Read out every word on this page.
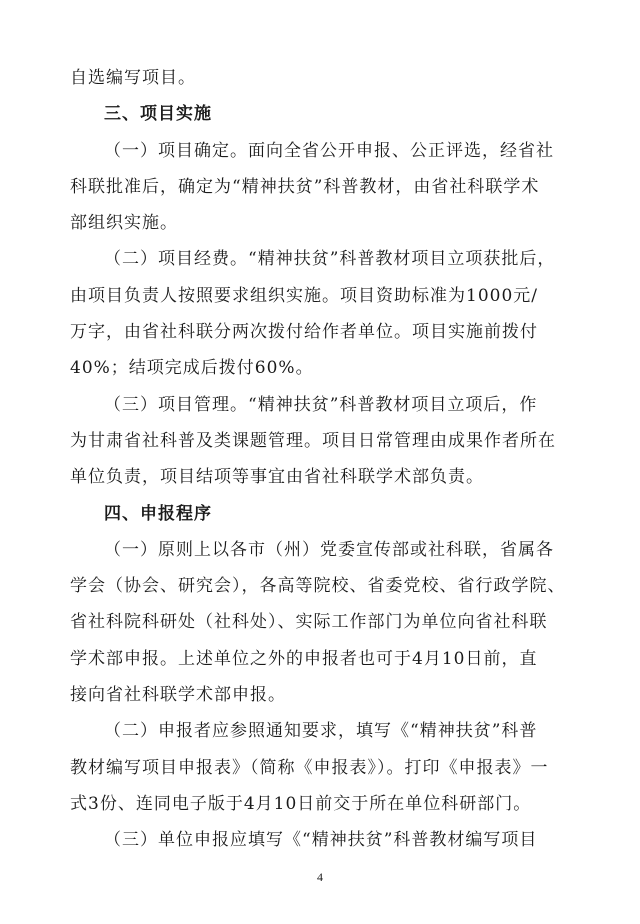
自选编写项目。
三、项目实施
（一）项目确定。面向全省公开申报、公正评选，经省社
科联批准后，确定为“精神扶贫”科普教材，由省社科联学术
部组织实施。
（二）项目经费。“精神扶贫”科普教材项目立项获批后，
由项目负责人按照要求组织实施。项目资助标准为1000元/
万字，由省社科联分两次拨付给作者单位。项目实施前拨付
40%；结项完成后拨付60%。
（三）项目管理。“精神扶贫”科普教材项目立项后，作
为甘肃省社科普及类课题管理。项目日常管理由成果作者所在
单位负责，项目结项等事宜由省社科联学术部负责。
四、申报程序
（一）原则上以各市（州）党委宣传部或社科联，省属各
学会（协会、研究会），各高等院校、省委党校、省行政学院、
省社科院科研处（社科处）、实际工作部门为单位向省社科联
学术部申报。上述单位之外的申报者也可于4月10日前，直
接向省社科联学术部申报。
（二）申报者应参照通知要求，填写《“精神扶贫”科普
教材编写项目申报表》（简称《申报表》）。打印《申报表》一
式3份、连同电子版于4月10日前交于所在单位科研部门。
（三）单位申报应填写《“精神扶贫”科普教材编写项目
4
